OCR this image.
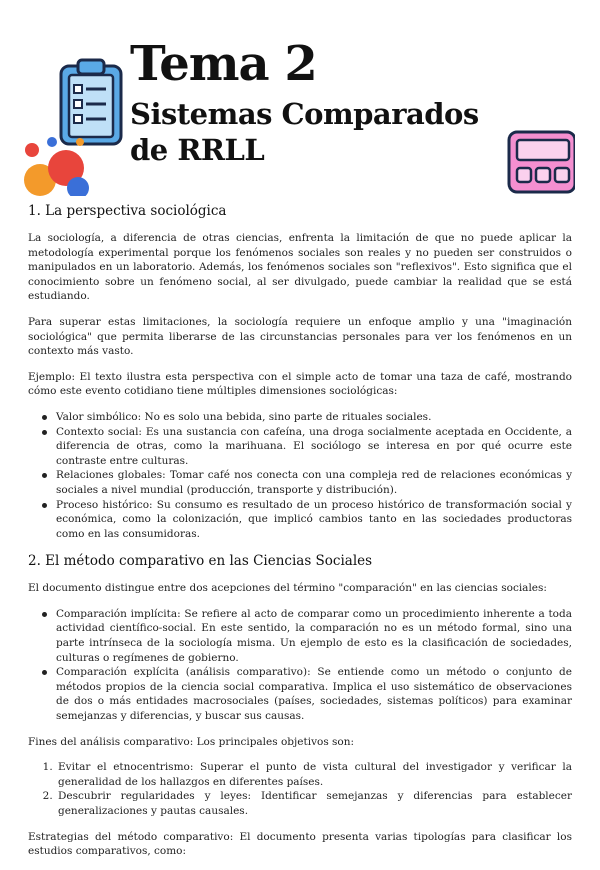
Tema 2
Sistemas Comparados
de RRLL
1. La perspectiva sociológica

La sociología, a diferencia de otras ciencias, enfrenta la limitación de que no puede aplicar la metodología experimental porque los fenómenos sociales son reales y no pueden ser construidos o manipulados en un laboratorio. Además, los fenómenos sociales son "reflexivos". Esto significa que el conocimiento sobre un fenómeno social, al ser divulgado, puede cambiar la realidad que se está estudiando.

Para superar estas limitaciones, la sociología requiere un enfoque amplio y una "imaginación sociológica" que permita liberarse de las circunstancias personales para ver los fenómenos en un contexto más vasto.

Ejemplo: El texto ilustra esta perspectiva con el simple acto de tomar una taza de café, mostrando cómo este evento cotidiano tiene múltiples dimensiones sociológicas:

Valor simbólico: No es solo una bebida, sino parte de rituales sociales.
Contexto social: Es una sustancia con cafeína, una droga socialmente aceptada en Occidente, a diferencia de otras, como la marihuana. El sociólogo se interesa en por qué ocurre este contraste entre culturas.
Relaciones globales: Tomar café nos conecta con una compleja red de relaciones económicas y sociales a nivel mundial (producción, transporte y distribución).
Proceso histórico: Su consumo es resultado de un proceso histórico de transformación social y económica, como la colonización, que implicó cambios tanto en las sociedades productoras como en las consumidoras.
2. El método comparativo en las Ciencias Sociales

El documento distingue entre dos acepciones del término "comparación" en las ciencias sociales:

Comparación implícita: Se refiere al acto de comparar como un procedimiento inherente a toda actividad científico-social. En este sentido, la comparación no es un método formal, sino una parte intrínseca de la sociología misma. Un ejemplo de esto es la clasificación de sociedades, culturas o regímenes de gobierno.
Comparación explícita (análisis comparativo): Se entiende como un método o conjunto de métodos propios de la ciencia social comparativa. Implica el uso sistemático de observaciones de dos o más entidades macrosociales (países, sociedades, sistemas políticos) para examinar semejanzas y diferencias, y buscar sus causas.

Fines del análisis comparativo: Los principales objetivos son:

1. Evitar el etnocentrismo: Superar el punto de vista cultural del investigador y verificar la generalidad de los hallazgos en diferentes países.
2. Descubrir regularidades y leyes: Identificar semejanzas y diferencias para establecer generalizaciones y pautas causales.

Estrategias del método comparativo: El documento presenta varias tipologías para clasificar los estudios comparativos, como:
